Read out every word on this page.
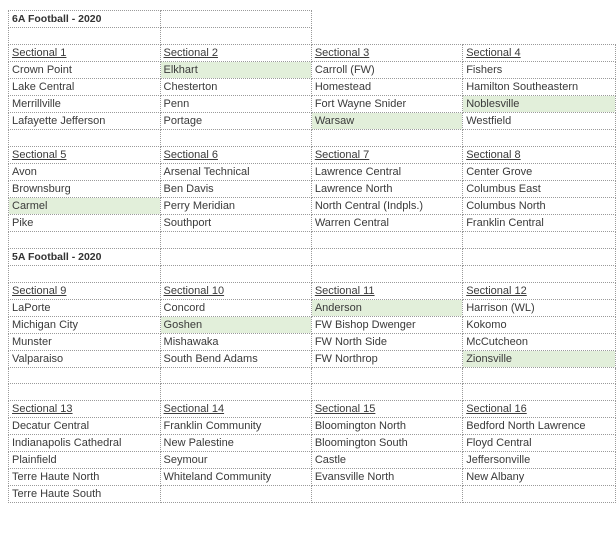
6A Football - 2020			

Sectional 1	Sectional 2	Sectional 3	Sectional 4
Crown Point	Elkhart	Carroll (FW)	Fishers
Lake Central	Chesterton	Homestead	Hamilton Southeastern
Merrillville	Penn	Fort Wayne Snider	Noblesville
Lafayette Jefferson	Portage	Warsaw	Westfield

Sectional 5	Sectional 6	Sectional 7	Sectional 8
Avon	Arsenal Technical	Lawrence Central	Center Grove
Brownsburg	Ben Davis	Lawrence North	Columbus East
Carmel	Perry Meridian	North Central (Indpls.)	Columbus North
Pike	Southport	Warren Central	Franklin Central

5A Football - 2020			

Sectional 9	Sectional 10	Sectional 11	Sectional 12
LaPorte	Concord	Anderson	Harrison (WL)
Michigan City	Goshen	FW Bishop Dwenger	Kokomo
Munster	Mishawaka	FW North Side	McCutcheon
Valparaiso	South Bend Adams	FW Northrop	Zionsville

Sectional 13	Sectional 14	Sectional 15	Sectional 16
Decatur Central	Franklin Community	Bloomington North	Bedford North Lawrence
Indianapolis Cathedral	New Palestine	Bloomington South	Floyd Central
Plainfield	Seymour	Castle	Jeffersonville
Terre Haute North	Whiteland Community	Evansville North	New Albany
Terre Haute South			
